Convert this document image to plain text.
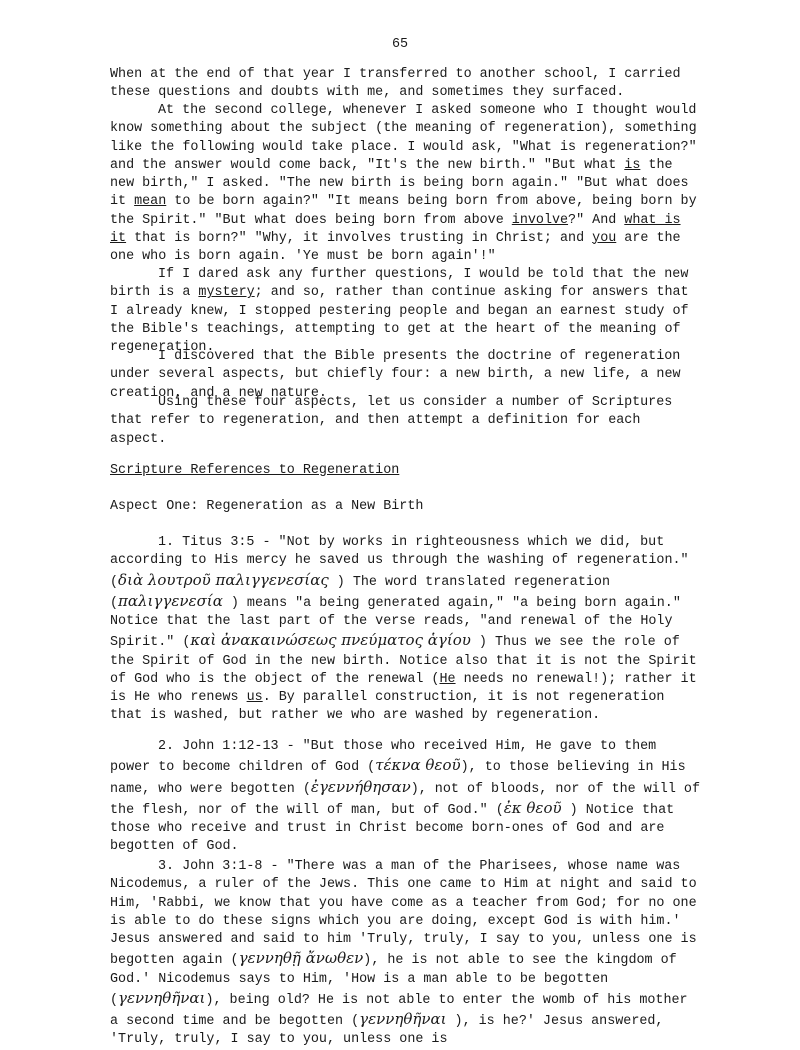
65

When at the end of that year I transferred to another school, I carried these questions and doubts with me, and sometimes they surfaced.

At the second college, whenever I asked someone who I thought would know something about the subject (the meaning of regeneration), something like the following would take place. I would ask, "What is regeneration?" and the answer would come back, "It's the new birth." "But what is the new birth," I asked. "The new birth is being born again." "But what does it mean to be born again?" "It means being born from above, being born by the Spirit." "But what does being born from above involve?" And what is it that is born?" "Why, it involves trusting in Christ; and you are the one who is born again. 'Ye must be born again'!"

If I dared ask any further questions, I would be told that the new birth is a mystery; and so, rather than continue asking for answers that I already knew, I stopped pestering people and began an earnest study of the Bible's teachings, attempting to get at the heart of the meaning of regeneration.

I discovered that the Bible presents the doctrine of regeneration under several aspects, but chiefly four: a new birth, a new life, a new creation, and a new nature.

Using these four aspects, let us consider a number of Scriptures that refer to regeneration, and then attempt a definition for each aspect.

Scripture References to Regeneration

Aspect One: Regeneration as a New Birth

1. Titus 3:5 - "Not by works in righteousness which we did, but according to His mercy he saved us through the washing of regeneration." (διὰ λουτροῦ παλιγγενεσίας ) The word translated regeneration (παλιγγενεσία ) means "a being generated again," "a being born again." Notice that the last part of the verse reads, "and renewal of the Holy Spirit." (καὶ ἀνακαινώσεως πνεύματος ἁγίου ) Thus we see the role of the Spirit of God in the new birth. Notice also that it is not the Spirit of God who is the object of the renewal (He needs no renewal!); rather it is He who renews us. By parallel construction, it is not regeneration that is washed, but rather we who are washed by regeneration.

2. John 1:12-13 - "But those who received Him, He gave to them power to become children of God (τέκνα θεοῦ), to those believing in His name, who were begotten (ἐγεννήθησαν), not of bloods, nor of the will of the flesh, nor of the will of man, but of God." (ἐκ θεοῦ ) Notice that those who receive and trust in Christ become born-ones of God and are begotten of God.

3. John 3:1-8 - "There was a man of the Pharisees, whose name was Nicodemus, a ruler of the Jews. This one came to Him at night and said to Him, 'Rabbi, we know that you have come as a teacher from God; for no one is able to do these signs which you are doing, except God is with him.' Jesus answered and said to him 'Truly, truly, I say to you, unless one is begotten again (γεννηθῇ ἄνωθεν), he is not able to see the kingdom of God.' Nicodemus says to Him, 'How is a man able to be begotten (γεννηθῆναι), being old? He is not able to enter the womb of his mother a second time and be begotten (γεννηθῆναι ), is he?' Jesus answered, 'Truly, truly, I say to you, unless one is
